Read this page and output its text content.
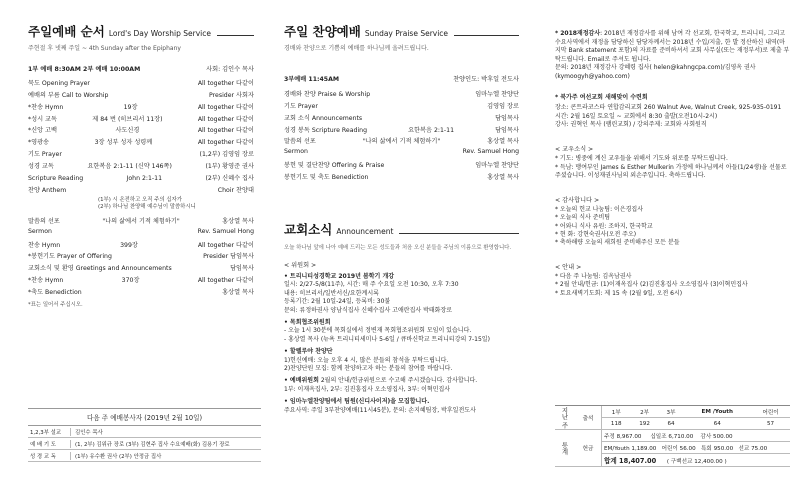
주일예배 순서 Lord's Day Worship Service
주현절 후 넷째 주일 ~ 4th Sunday after the Epiphany
1부 예배 8:30AM 2부 예배 10:00AM	사회: 김인수 목사
묵도 Opening Prayer	All together 다같이
예배의 부름 Call to Worship	Presider 사회자
*찬송 Hymn	19장	All together 다같이
*성시 교독	제 84 번 (히브리서 11장)	All together 다같이
*신앙 고백	사도신경	All together 다같이
*영광송	3장 성부 성자 성령께	All together 다같이
기도 Prayer	(1,2부) 김영임 장로
성경 교독	요한복음 2:1-11 (신약 146쪽)	(1부) 황영준 권사
Scripture Reading	John 2:1-11	(2부) 신혜수 집사
찬양 Anthem	Choir 찬양대
(1부) 시 온전하고 오직 주의 십자가
(2부) 하나님 찬양해 예수님이 말씀하시니
말씀의 선포	"나의 삶에서 기적 체험하기"	홍상열 목사
Sermon	Rev. Samuel Hong
찬송 Hymn	399장	All together 다같이
*봉헌기도 Prayer of Offering	Presider 담임목사
교회소식 및 환영 Greetings and Announcements	담임목사
*찬송 Hymn	370장	All together 다같이
*축도 Benediction	홍상열 목사
*표는 일어서 주십시오.
다음 주 예배봉사자 (2019년 2월 10일)
1,2,3부 설교	김인수 목사
예 배 기 도	(1, 2부) 김위규 장로 (3부) 김현주 집사 수요예배(화) 김용기 장로
성 경 교 독	(1부) 유수환 권사 (2부) 안정금 집사
주일 찬양예배 Sunday Praise Service
경배와 찬양으로 기쁨의 예배를 하나님께 올려드립니다.
3부예배 11:45AM	찬양인도: 박후일 전도사
경배와 찬양 Praise & Worship	임마누엘 찬양단
기도 Prayer	김영임 장로
교회 소식 Announcements	담임목사
성경 봉독 Scripture Reading	요한복음 2:1-11	담임목사
말씀의 선포	"나의 삶에서 기적 체험하기"	홍상열 목사
Sermon	Rev. Samuel Hong
봉헌 및 결단찬양 Offering & Praise	임마누엘 찬양단
봉헌기도 및 축도 Benediction	홍상열 목사
교회소식 Announcement
오늘 하나님 앞에 나아 예배 드리는 모든 성도들과 처음 오신 분들을 주님의 이름으로 환영합니다.
< 위원회 >
• 트리니티성경학교 2019년 봄학기 개강
일시: 2/27-5/8(11주), 시간: 매 주 수요일 오전 10:30, 오후 7:30
내용: 히브리서/일반서신/요한계시록
등록기간: 2월 10일-24일, 등록비: 30불
문의: 류정하권사 양남식집사 신혜수집사 고애란집사 박태화장로
• 목회협조위원회
- 오늘 1시 30분에 목회실에서 정변재 목회협조위원회 모임이 있습니다.
- 홍상열 목사 (뉴욕 트리니티세미나 5-6일 / 큐바신학교 트리니티강의 7-15일)
• 할렐루야 찬양단
1)헌신예배: 오늘 오후 4 시, 많은 분들의 참석을 부탁드립니다.
2)찬양단원 모집: 함께 찬양하고자 하는 분들의 참여를 바랍니다.
• 예배위원회 2월의 안내/헌금위원으로 수고해 주시겠습니다. 감사합니다.
1부: 이재옥집사, 2부: 김진흥집사 오소영집사, 3부: 이혁민집사
• 임마누엘찬양팀에서 팀원(신디사이저)을 모집합니다.
주요사역: 주일 3부찬양예배(11시45분), 문의: 손지혜팀장, 박후일전도사
* 2018재정감사: 2018년 재정감사를 위해 남여 각 선교회, 한국학교, 트리니티, 그리고 수요사역에서 재정을 담당하신 담당자께서는 2018년 수입/지출, 한 발 정산하신 내역(마지막 Bank statement 포함)의 자료를 준비하셔서 교회 사무실(또는 재정부서)로 제출 부탁드립니다. Email로 주셔도 됩니다.
문의: 2018년 재정감사 강혜령 집사( helen@kahngcpa.com)/김영옥 권사 (kymoogyh@yahoo.com)
* 북가주 여선교회 새해맞이 수련회
장소: 콘트라코스타 연합감리교회 260 Walnut Ave, Walnut Creek, 925-935-0191
시간: 2월 16일 토요일 ~ 교회에서 8:30 출발(오전10시-2시)
강사: 권혁인 목사 (램린교회) / 강의주제: 교회와 사회원직
< 교우소식 >
* 기도: 병중에 계신 교우들을 위해서 기도와 위로를 부탁드립니다.
* 득남: 맹여부인 James & Esther Mulkerin 가정에 하나님께서 아들(1/24생)을 선물로 주셨습니다. 이성재권사님의 외손주입니다. 축하드립니다.
< 감사합니다 >
* 오늘의 헌교 나눔팀: 이은경집사
* 오늘의 식사 준비팀
* 어와니 식사 유원: 조하지, 한국학교
* 현 화: 강현숙권사(오전 주오)
* 축하해량 오늘의 새희원 준비해주신 모든 분들
< 안내 >
* 다음 주 나눔팀: 김옥남권사
* 2월 안내/헌금: (1)이재옥집사 (2)김진홍집사 오소영집사 (3)이혁민집사
* 토요새벽기도회: 제 15 속 (2월 9일, 오전 6시)
지난 주	출석	1부	2부	3부	EM /Youth	어린이
		118	192	64	64	57
통계	헌금	주정 8,967.00 십일조 6,710.00 감사 500.00				
		EM/Youth 1,189.00 어린이 56.00 특회 950.00 선교 75.00				
		합계 18,407.00 ( 구백선교 12,400.00 )				
